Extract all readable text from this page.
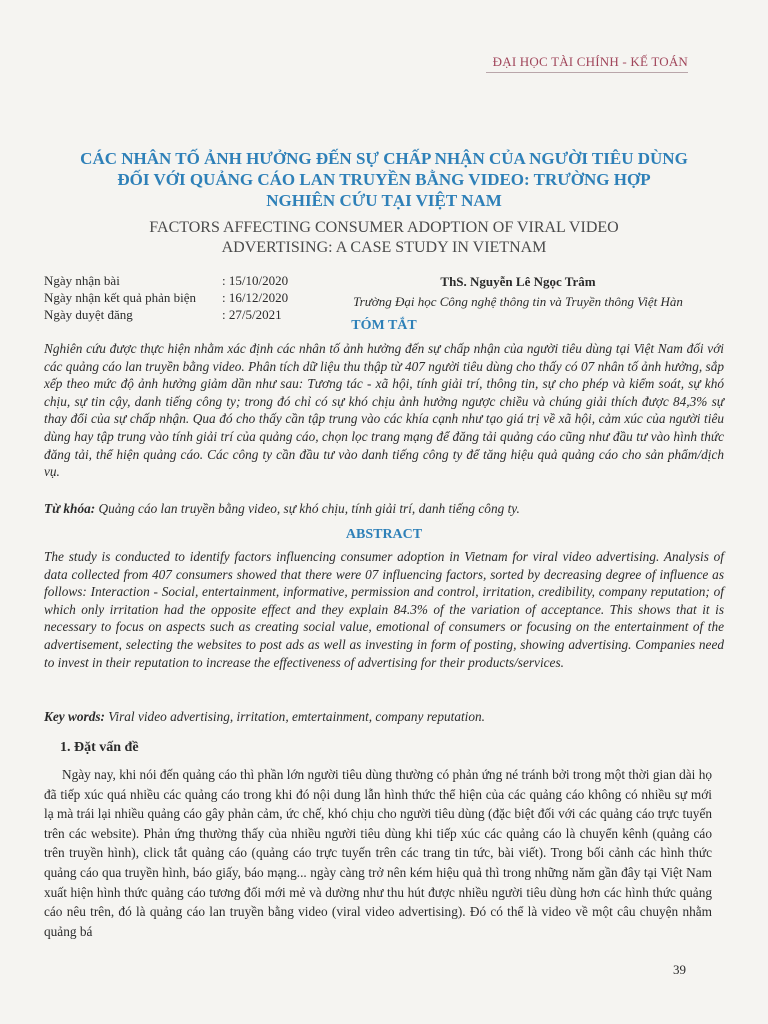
ĐẠI HỌC TÀI CHÍNH - KẾ TOÁN
CÁC NHÂN TỐ ẢNH HƯỞNG ĐẾN SỰ CHẤP NHẬN CỦA NGƯỜI TIÊU DÙNG
ĐỐI VỚI QUẢNG CÁO LAN TRUYỀN BẰNG VIDEO: TRƯỜNG HỢP
NGHIÊN CỨU TẠI VIỆT NAM
FACTORS AFFECTING CONSUMER ADOPTION OF VIRAL VIDEO
ADVERTISING: A CASE STUDY IN VIETNAM
Ngày nhận bài	: 15/10/2020
Ngày nhận kết quả phản biện	: 16/12/2020
Ngày duyệt đăng	: 27/5/2021
ThS. Nguyễn Lê Ngọc Trâm
Trường Đại học Công nghệ thông tin và Truyền thông Việt Hàn
TÓM TẮT
Nghiên cứu được thực hiện nhằm xác định các nhân tố ảnh hưởng đến sự chấp nhận của người tiêu dùng tại Việt Nam đối với các quảng cáo lan truyền bằng video. Phân tích dữ liệu thu thập từ 407 người tiêu dùng cho thấy có 07 nhân tố ảnh hưởng, sắp xếp theo mức độ ảnh hưởng giảm dần như sau: Tương tác - xã hội, tính giải trí, thông tin, sự cho phép và kiểm soát, sự khó chịu, sự tin cậy, danh tiếng công ty; trong đó chỉ có sự khó chịu ảnh hưởng ngược chiều và chúng giải thích được 84,3% sự thay đổi của sự chấp nhận. Qua đó cho thấy cần tập trung vào các khía cạnh như tạo giá trị về xã hội, cảm xúc của người tiêu dùng hay tập trung vào tính giải trí của quảng cáo, chọn lọc trang mạng để đăng tải quảng cáo cũng như đầu tư vào hình thức đăng tải, thể hiện quảng cáo. Các công ty cần đầu tư vào danh tiếng công ty để tăng hiệu quả quảng cáo cho sản phẩm/dịch vụ.
Từ khóa: Quảng cáo lan truyền bằng video, sự khó chịu, tính giải trí, danh tiếng công ty.
ABSTRACT
The study is conducted to identify factors influencing consumer adoption in Vietnam for viral video advertising. Analysis of data collected from 407 consumers showed that there were 07 influencing factors, sorted by decreasing degree of influence as follows: Interaction - Social, entertainment, informative, permission and control, irritation, credibility, company reputation; of which only irritation had the opposite effect and they explain 84.3% of the variation of acceptance. This shows that it is necessary to focus on aspects such as creating social value, emotional of consumers or focusing on the entertainment of the advertisement, selecting the websites to post ads as well as investing in form of posting, showing advertising. Companies need to invest in their reputation to increase the effectiveness of advertising for their products/services.
Key words: Viral video advertising, irritation, emtertainment, company reputation.
1. Đặt vấn đề
Ngày nay, khi nói đến quảng cáo thì phần lớn người tiêu dùng thường có phản ứng né tránh bởi trong một thời gian dài họ đã tiếp xúc quá nhiều các quảng cáo trong khi đó nội dung lẫn hình thức thể hiện của các quảng cáo không có nhiều sự mới lạ mà trái lại nhiều quảng cáo gây phản cảm, ức chế, khó chịu cho người tiêu dùng (đặc biệt đối với các quảng cáo trực tuyến trên các website). Phản ứng thường thấy của nhiều người tiêu dùng khi tiếp xúc các quảng cáo là chuyển kênh (quảng cáo trên truyền hình), click tắt quảng cáo (quảng cáo trực tuyến trên các trang tin tức, bài viết). Trong bối cảnh các hình thức quảng cáo qua truyền hình, báo giấy, báo mạng... ngày càng trở nên kém hiệu quả thì trong những năm gần đây tại Việt Nam xuất hiện hình thức quảng cáo tương đối mới mẻ và dường như thu hút được nhiều người tiêu dùng hơn các hình thức quảng cáo nêu trên, đó là quảng cáo lan truyền bằng video (viral video advertising). Đó có thể là video về một câu chuyện nhằm quảng bá
39
